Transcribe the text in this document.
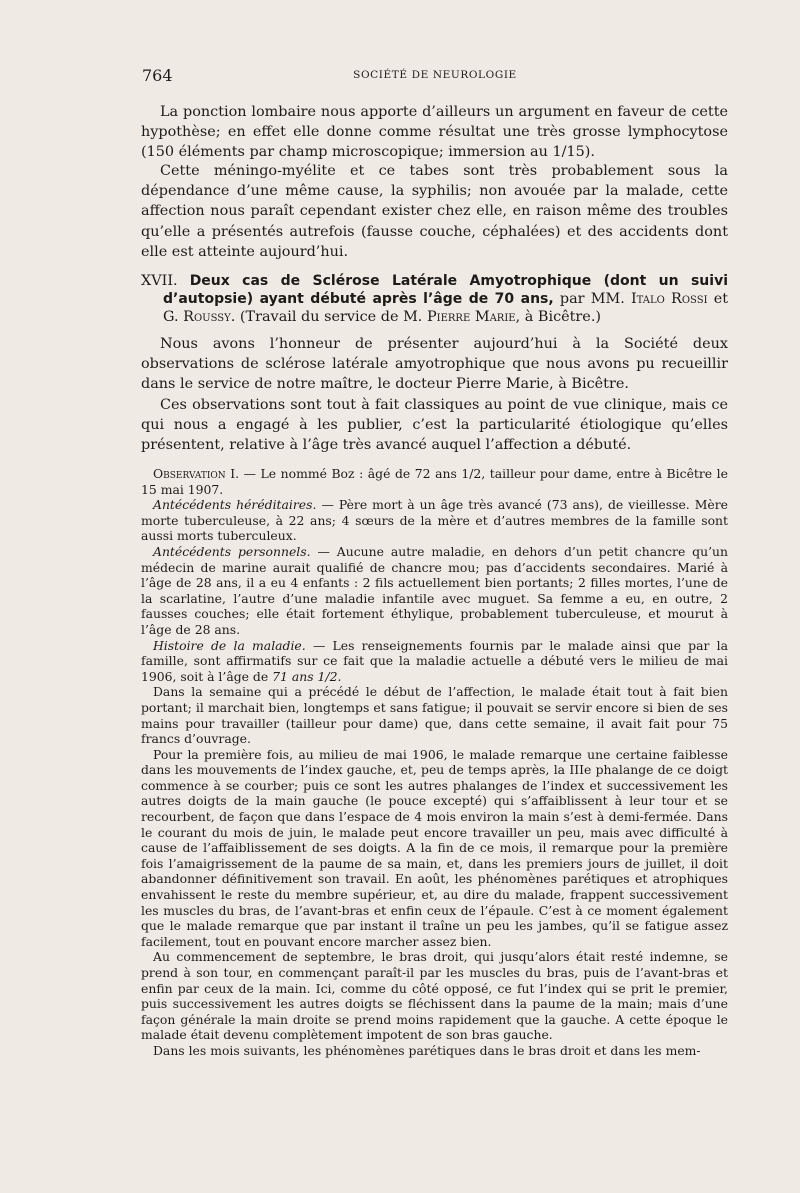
764	SOCIÉTÉ DE NEUROLOGIE

La ponction lombaire nous apporte d’ailleurs un argument en faveur de cette hypothèse; en effet elle donne comme résultat une très grosse lymphocytose (150 éléments par champ microscopique; immersion au 1/15).

Cette méningo-myélite et ce tabes sont très probablement sous la dépendance d’une même cause, la syphilis; non avouée par la malade, cette affection nous paraît cependant exister chez elle, en raison même des troubles qu’elle a présentés autrefois (fausse couche, céphalées) et des accidents dont elle est atteinte aujourd’hui.

XVII. Deux cas de Sclérose Latérale Amyotrophique (dont un suivi d’autopsie) ayant débuté après l’âge de 70 ans, par MM. Italo Rossi et G. Roussy. (Travail du service de M. Pierre Marie, à Bicêtre.)

Nous avons l’honneur de présenter aujourd’hui à la Société deux observations de sclérose latérale amyotrophique que nous avons pu recueillir dans le service de notre maître, le docteur Pierre Marie, à Bicêtre.

Ces observations sont tout à fait classiques au point de vue clinique, mais ce qui nous a engagé à les publier, c’est la particularité étiologique qu’elles présentent, relative à l’âge très avancé auquel l’affection a débuté.

Observation I. — Le nommé Boz : âgé de 72 ans 1/2, tailleur pour dame, entre à Bicêtre le 15 mai 1907.

Antécédents héréditaires. — Père mort à un âge très avancé (73 ans), de vieillesse. Mère morte tuberculeuse, à 22 ans; 4 sœurs de la mère et d’autres membres de la famille sont aussi morts tuberculeux.

Antécédents personnels. — Aucune autre maladie, en dehors d’un petit chancre qu’un médecin de marine aurait qualifié de chancre mou; pas d’accidents secondaires. Marié à l’âge de 28 ans, il a eu 4 enfants : 2 fils actuellement bien portants; 2 filles mortes, l’une de la scarlatine, l’autre d’une maladie infantile avec muguet. Sa femme a eu, en outre, 2 fausses couches; elle était fortement éthylique, probablement tuberculeuse, et mourut à l’âge de 28 ans.

Histoire de la maladie. — Les renseignements fournis par le malade ainsi que par la famille, sont affirmatifs sur ce fait que la maladie actuelle a débuté vers le milieu de mai 1906, soit à l’âge de 71 ans 1/2.

Dans la semaine qui a précédé le début de l’affection, le malade était tout à fait bien portant; il marchait bien, longtemps et sans fatigue; il pouvait se servir encore si bien de ses mains pour travailler (tailleur pour dame) que, dans cette semaine, il avait fait pour 75 francs d’ouvrage.

Pour la première fois, au milieu de mai 1906, le malade remarque une certaine faiblesse dans les mouvements de l’index gauche, et, peu de temps après, la IIIe phalange de ce doigt commence à se courber; puis ce sont les autres phalanges de l’index et successivement les autres doigts de la main gauche (le pouce excepté) qui s’affaiblissent à leur tour et se recourbent, de façon que dans l’espace de 4 mois environ la main s’est à demi-fermée. Dans le courant du mois de juin, le malade peut encore travailler un peu, mais avec difficulté à cause de l’affaiblissement de ses doigts. A la fin de ce mois, il remarque pour la première fois l’amaigrissement de la paume de sa main, et, dans les premiers jours de juillet, il doit abandonner définitivement son travail. En août, les phénomènes parétiques et atrophiques envahissent le reste du membre supérieur, et, au dire du malade, frappent successivement les muscles du bras, de l’avant-bras et enfin ceux de l’épaule. C’est à ce moment également que le malade remarque que par instant il traîne un peu les jambes, qu’il se fatigue assez facilement, tout en pouvant encore marcher assez bien.

Au commencement de septembre, le bras droit, qui jusqu’alors était resté indemne, se prend à son tour, en commençant paraît-il par les muscles du bras, puis de l’avant-bras et enfin par ceux de la main. Ici, comme du côté opposé, ce fut l’index qui se prit le premier, puis successivement les autres doigts se fléchissent dans la paume de la main; mais d’une façon générale la main droite se prend moins rapidement que la gauche. A cette époque le malade était devenu complètement impotent de son bras gauche.

Dans les mois suivants, les phénomènes parétiques dans le bras droit et dans les mem-
